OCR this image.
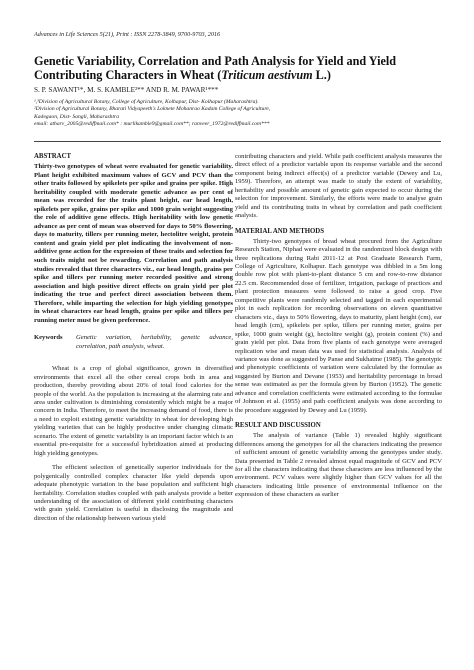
Advances in Life Sciences 5(21), Print : ISSN 2278-3849, 9700-9703, 2016
Genetic Variability, Correlation and Path Analysis for Yield and Yield Contributing Characters in Wheat (Triticum aestivum L.)
S. P. SAWANT¹*, M. S. KAMBLE²** AND R. M. PAWAR¹***
¹,³Division of Agricultural Botany, College of Agriculture, Kolhapur, Dist- Kolhapur (Maharashtra).
²Division of Agricultural Botany, Bharati Vidyapeeth's Loknete Mohanrao Kadam College of Agriculture,
Kadegaon, Dist- Sangli, Maharashtra
email: atharv_2005@rediffmail.com* : murlikamble9@gmail.com**; ranveer_1972@rediffmail.com***
ABSTRACT

Thirty-two genotypes of wheat were evaluated for genetic variability. Plant height exhibited maximum values of GCV and PCV than the other traits followed by spikelets per spike and grains per spike. High heritability coupled with moderate genetic advance as per cent of mean was recorded for the traits plant height, ear head length, spikelets per spike, grains per spike and 1000 grain weight suggesting the role of additive gene effects. High heritability with low genetic advance as per cent of mean was observed for days to 50% flowering, days to maturity, tillers per running meter, hectolitre weight, protein content and grain yield per plot indicating the involvement of non-additive gene action for the expression of these traits and selection for such traits might not be rewarding. Correlation and path analysis studies revealed that three characters viz., ear head length, grains per spike and tillers per running meter recorded positive and strong association and high positive direct effects on grain yield per plot indicating the true and perfect direct association between them. Therefore, while imparting the selection for high yielding genotypes in wheat characters ear head length, grains per spike and tillers per running meter must be given preference.

Keywords	Genetic variation, heritability, genetic advance, correlation, path analysis, wheat.

Wheat is a crop of global significance, grown in diversified environments that excel all the other cereal crops both in area and production, thereby providing about 20% of total food calories for the people of the world. As the population is increasing at the alarming rate and area under cultivation is diminishing consistently which might be a major concern in India. Therefore, to meet the increasing demand of food, there is a need to exploit existing genetic variability in wheat for developing high yielding varieties that can be highly productive under changing climatic scenario. The extent of genetic variability is an important factor which is an essential pre-requisite for a successful hybridization aimed at producing high yielding genotypes.

The efficient selection of genetically superior individuals for the polygenically controlled complex character like yield depends upon adequate phenotypic variation in the base population and sufficient high heritability. Correlation studies coupled with path analysis provide a better understanding of the association of different yield contributing characters with grain yield. Correlation is useful in disclosing the magnitude and direction of the relationship between various yield

contributing characters and yield. While path coefficient analysis measures the direct effect of a predictor variable upon its response variable and the second component being indirect effect(s) of a predictor variable (Dewey and Lu, 1959). Therefore, an attempt was made to study the extent of variability, heritability and possible amount of genetic gain expected to occur during the selection for improvement. Similarly, the efforts were made to analyse grain yield and its contributing traits in wheat by correlation and path coefficient analysis.

MATERIAL AND METHODS

Thirty-two genotypes of bread wheat procured from the Agriculture Research Station, Niphad were evaluated in the randomized block design with three replications during Rabi 2011-12 at Post Graduate Research Farm, College of Agriculture, Kolhapur. Each genotype was dibbled in a 5m long double row plot with plant-to-plant distance 5 cm and row-to-row distance 22.5 cm. Recommended dose of fertilizer, irrigation, package of practices and plant protection measures were followed to raise a good crop. Five competitive plants were randomly selected and tagged in each experimental plot in each replication for recording observations on eleven quantitative characters viz., days to 50% flowering, days to maturity, plant height (cm), ear head length (cm), spikelets per spike, tillers per running meter, grains per spike, 1000 grain weight (g), hectolitre weight (g), protein content (%) and grain yield per plot. Data from five plants of each genotype were averaged replication wise and mean data was used for statistical analysis. Analysis of variance was done as suggested by Panse and Sukhatme (1985). The genotypic and phenotypic coefficients of variation were calculated by the formulae as suggested by Burton and Devane (1953) and heritability percentage in broad sense was estimated as per the formula given by Burton (1952). The genetic advance and correlation coefficients were estimated according to the formulae of Johnson et al. (1955) and path coefficient analysis was done according to the procedure suggested by Dewey and Lu (1959).

RESULT AND DISCUSSION

The analysis of variance (Table 1) revealed highly significant differences among the genotypes for all the characters indicating the presence of sufficient amount of genetic variability among the genotypes under study. Data presented in Table 2 revealed almost equal magnitude of GCV and PCV for all the characters indicating that these characters are less influenced by the environment. PCV values were slightly higher than GCV values for all the characters indicating little presence of environmental influence on the expression of these characters as earlier
